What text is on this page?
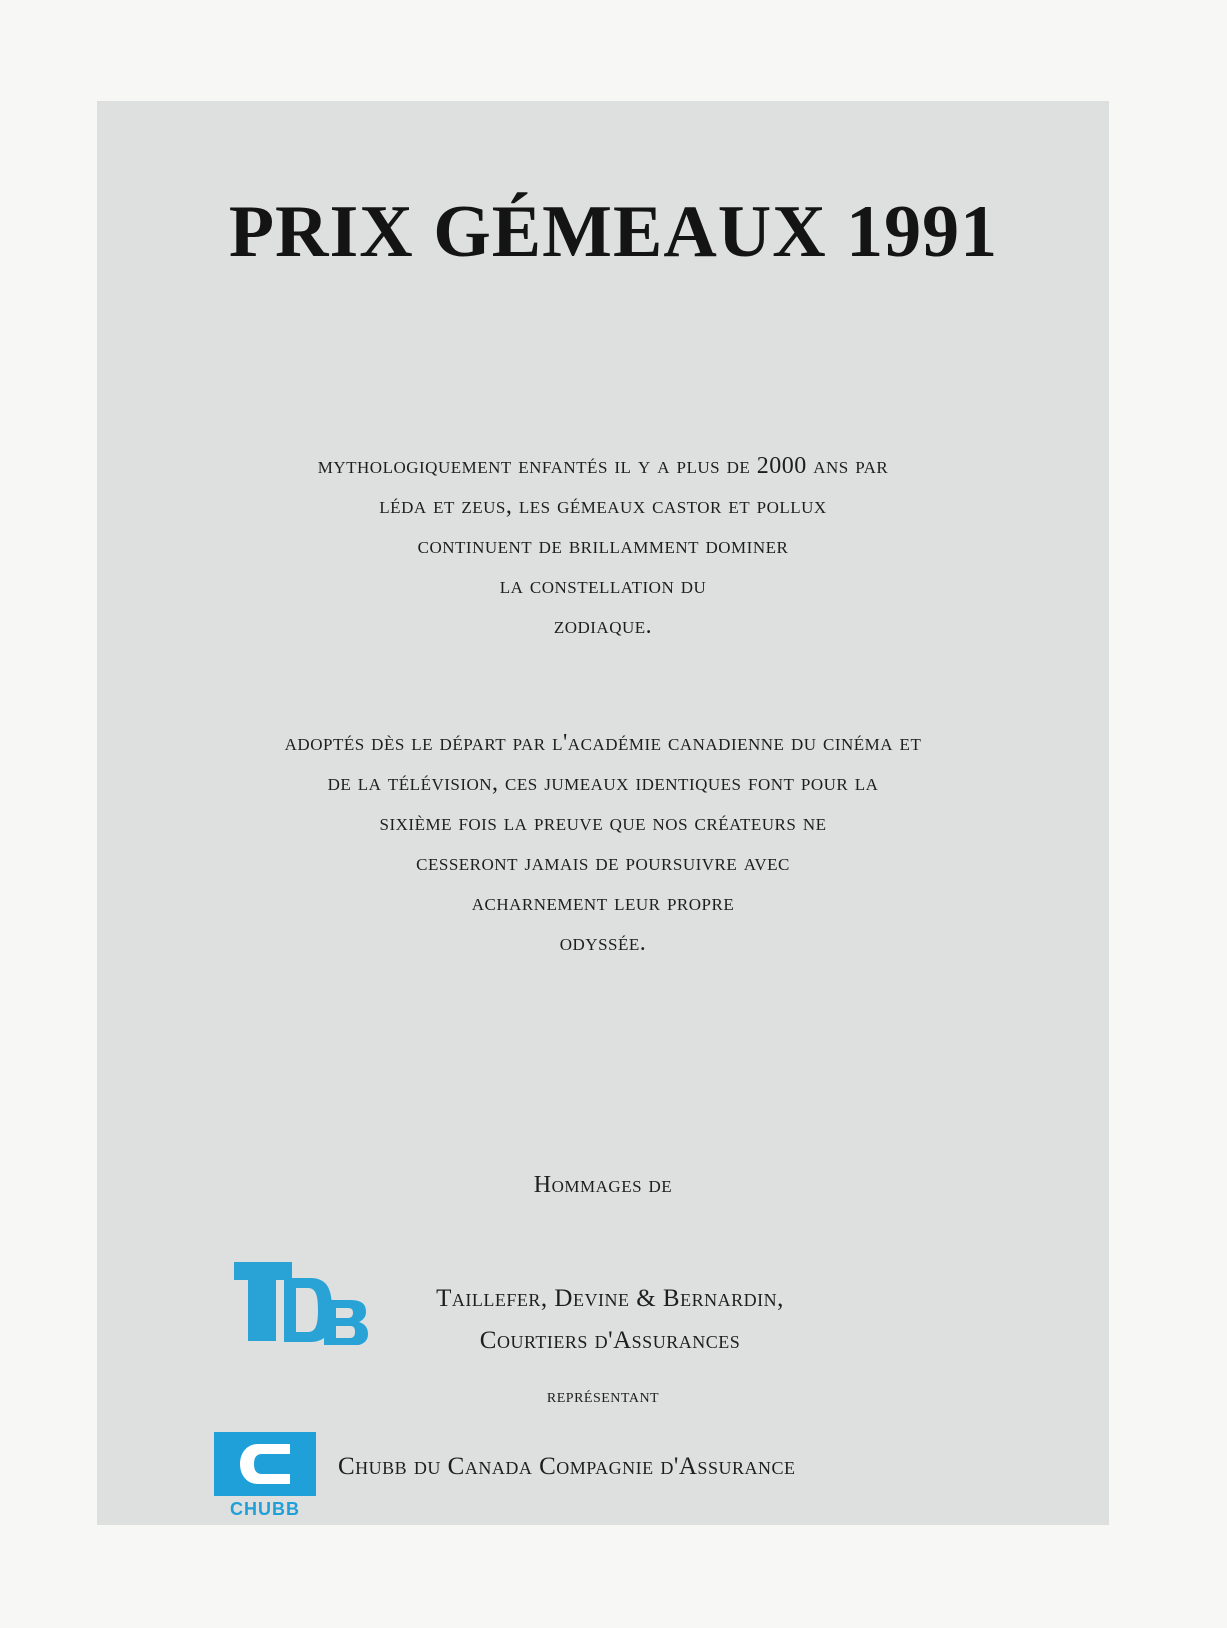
PRIX GÉMEAUX 1991
mythologiquement enfantés il y a plus de 2000 ans par
léda et zeus, les gémeaux castor et pollux
continuent de brillamment dominer
la constellation du
zodiaque.
adoptés dès le départ par l'académie canadienne du cinéma et
de la télévision, ces jumeaux identiques font pour la
sixième fois la preuve que nos créateurs ne
cesseront jamais de poursuivre avec
acharnement leur propre
odyssée.
Hommages de
Taillefer, Devine & Bernardin,
Courtiers d'Assurances
représentant
CHUBB
Chubb du Canada Compagnie d'Assurance
